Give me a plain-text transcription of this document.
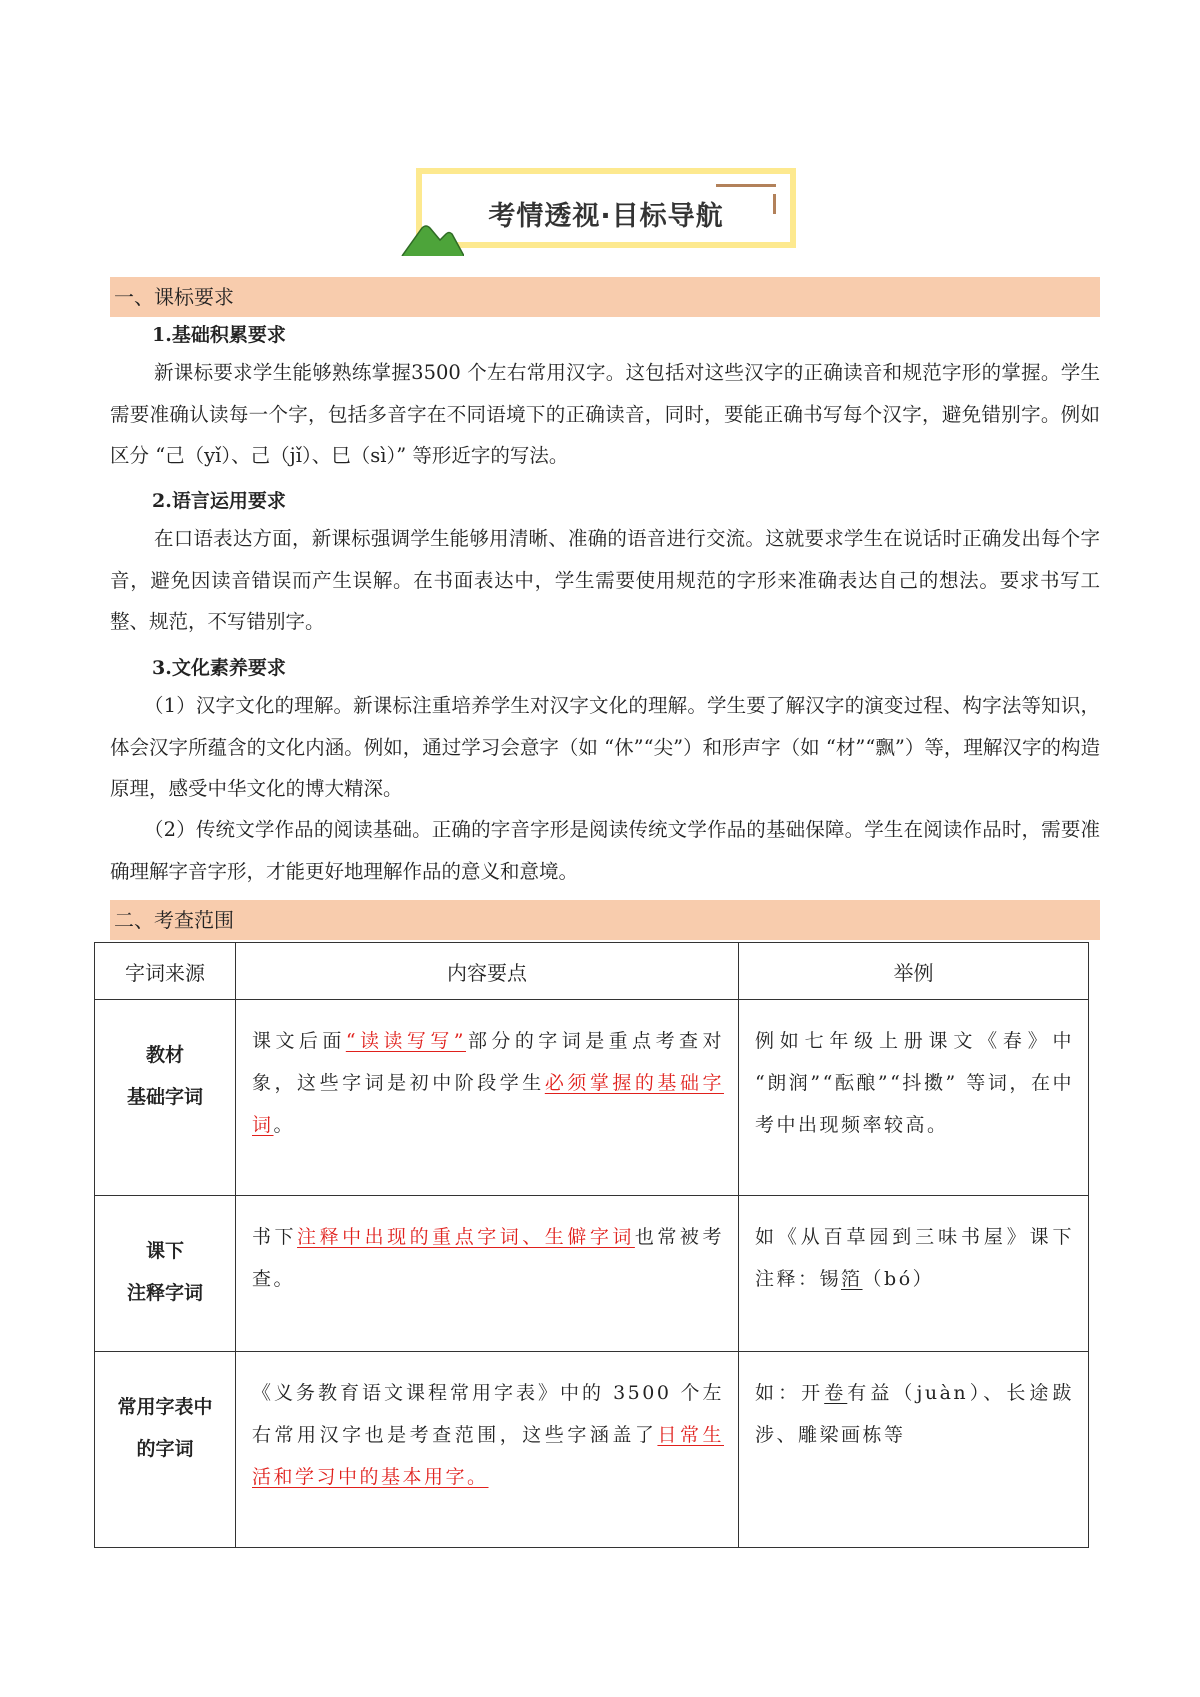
考情透视·目标导航
一、课标要求
1.基础积累要求

新课标要求学生能够熟练掌握3500 个左右常用汉字。这包括对这些汉字的正确读音和规范字形的掌握。学生需要准确认读每一个字，包括多音字在不同语境下的正确读音，同时，要能正确书写每个汉字，避免错别字。例如区分 “己（yǐ）、己（jǐ）、巳（sì）” 等形近字的写法。

2.语言运用要求

在口语表达方面，新课标强调学生能够用清晰、准确的语音进行交流。这就要求学生在说话时正确发出每个字音，避免因读音错误而产生误解。在书面表达中，学生需要使用规范的字形来准确表达自己的想法。要求书写工整、规范，不写错别字。

3.文化素养要求

（1）汉字文化的理解。新课标注重培养学生对汉字文化的理解。学生要了解汉字的演变过程、构字法等知识，体会汉字所蕴含的文化内涵。例如，通过学习会意字（如 “休”“尖”）和形声字（如 “材”“飘”）等，理解汉字的构造原理，感受中华文化的博大精深。

（2）传统文学作品的阅读基础。正确的字音字形是阅读传统文学作品的基础保障。学生在阅读作品时，需要准确理解字音字形，才能更好地理解作品的意义和意境。

二、考查范围
字词来源	内容要点	举例

教材
基础字词	课文后面“读读写写”部分的字词是重点考查对象，这些字词是初中阶段学生必须掌握的基础字词。	例如七年级上册课文《春》中 “朗润”“酝酿”“抖擞” 等词，在中考中出现频率较高。

课下
注释字词	书下注释中出现的重点字词、生僻字词也常被考查。	如《从百草园到三味书屋》课下注释：锡箔（bó）

常用字表中
的字词	《义务教育语文课程常用字表》中的 3500 个左右常用汉字也是考查范围，这些字涵盖了日常生活和学习中的基本用字。	如：开卷有益（juàn）、长途跋涉、雕梁画栋等
